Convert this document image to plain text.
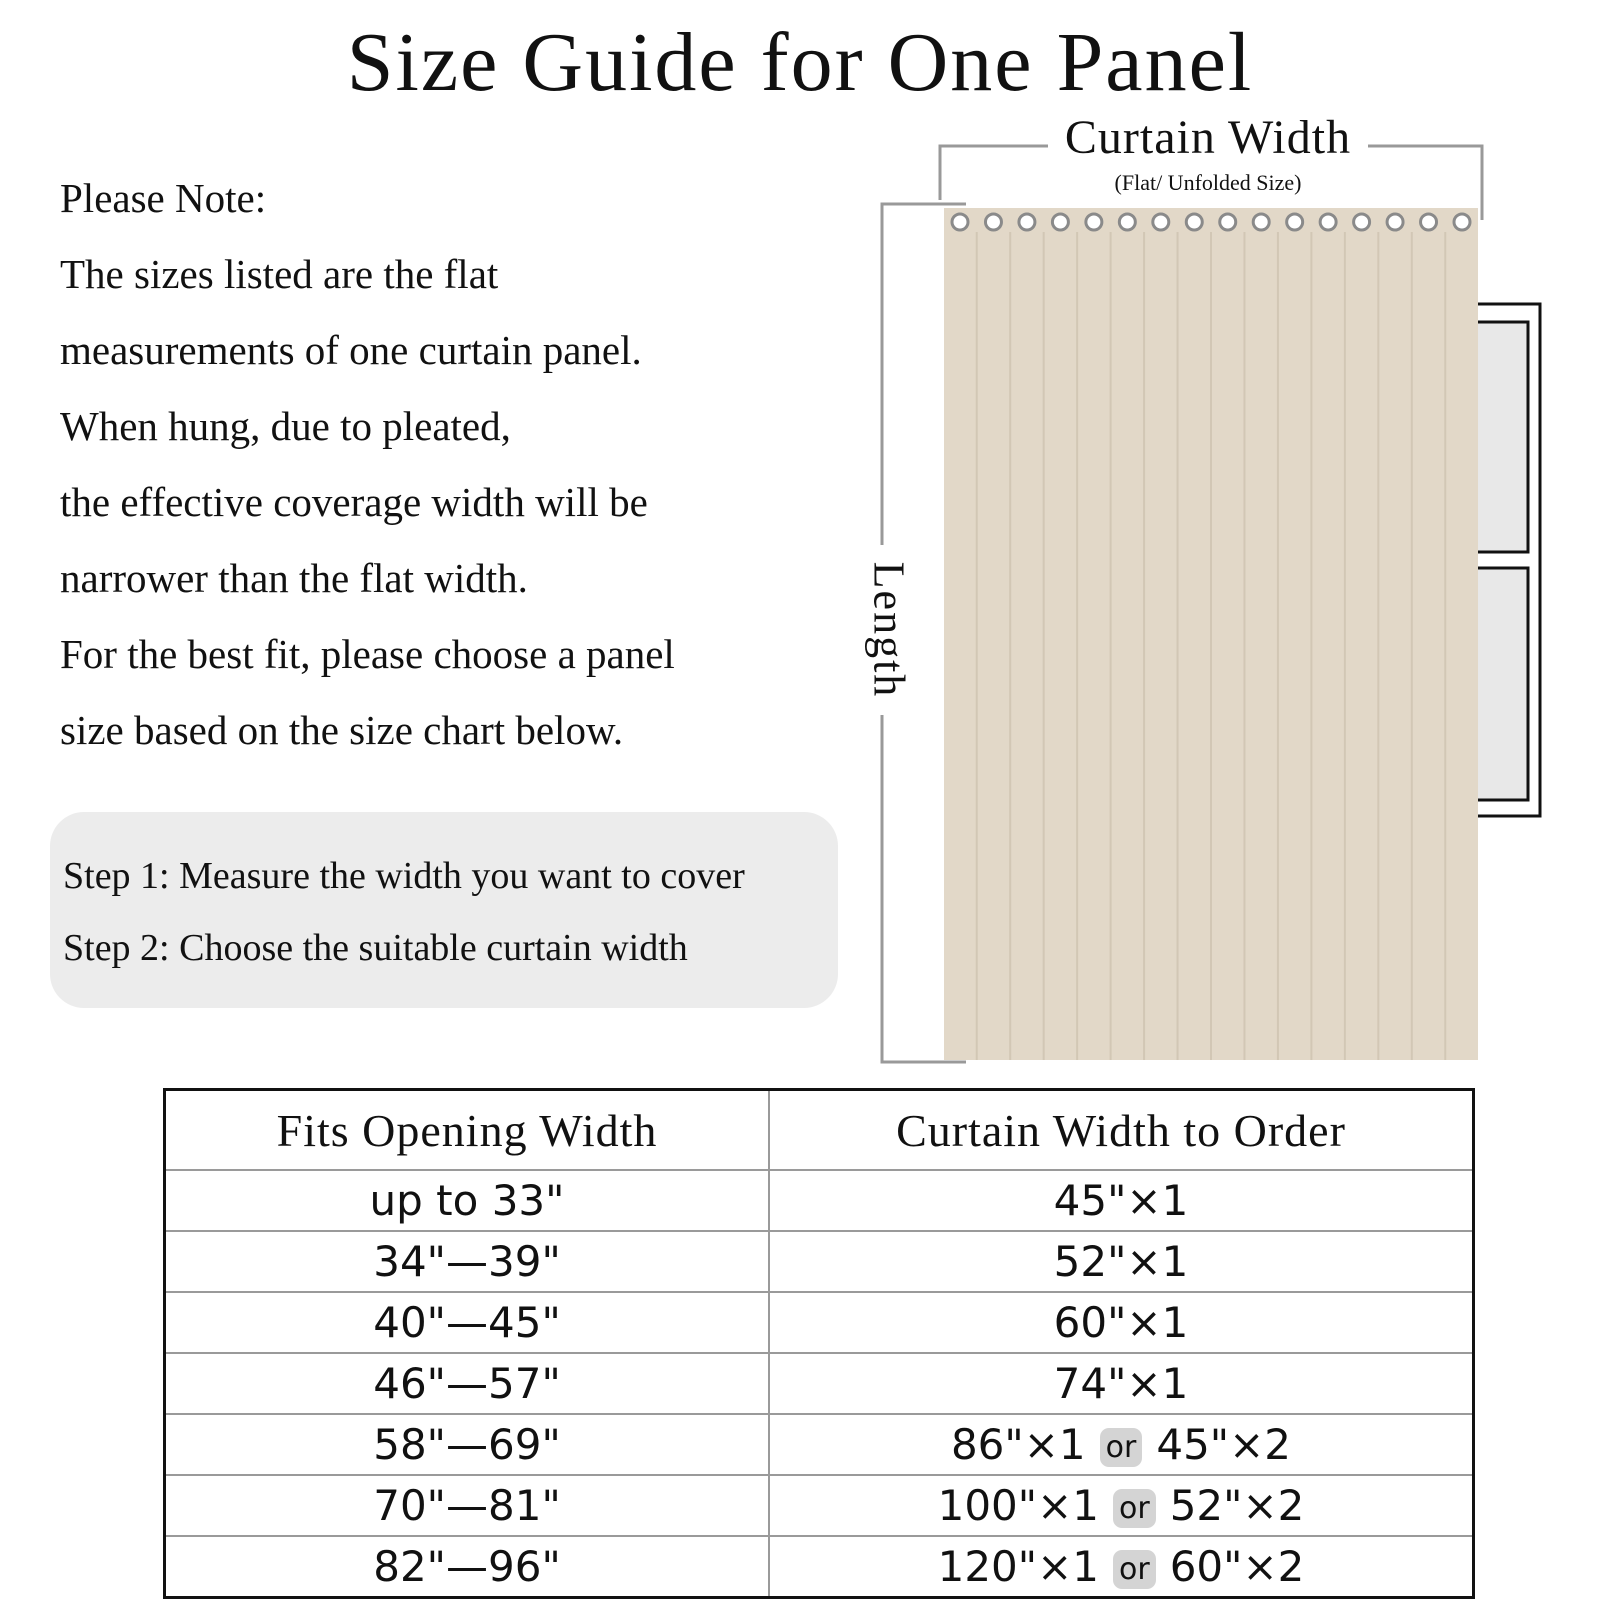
Size Guide for One Panel
Please Note:
The sizes listed are the flat
measurements of one curtain panel.
When hung, due to pleated,
the effective coverage width will be
narrower than the flat width.
For the best fit, please choose a panel
size based on the size chart below.
Step 1: Measure the width you want to cover
Step 2: Choose the suitable curtain width
Curtain Width
(Flat/ Unfolded Size)
Length
Fits Opening Width	Curtain Width to Order
up to 33"	45"×1
34"—39"	52"×1
40"—45"	60"×1
46"—57"	74"×1
58"—69"	86"×1 or 45"×2
70"—81"	100"×1 or 52"×2
82"—96"	120"×1 or 60"×2
